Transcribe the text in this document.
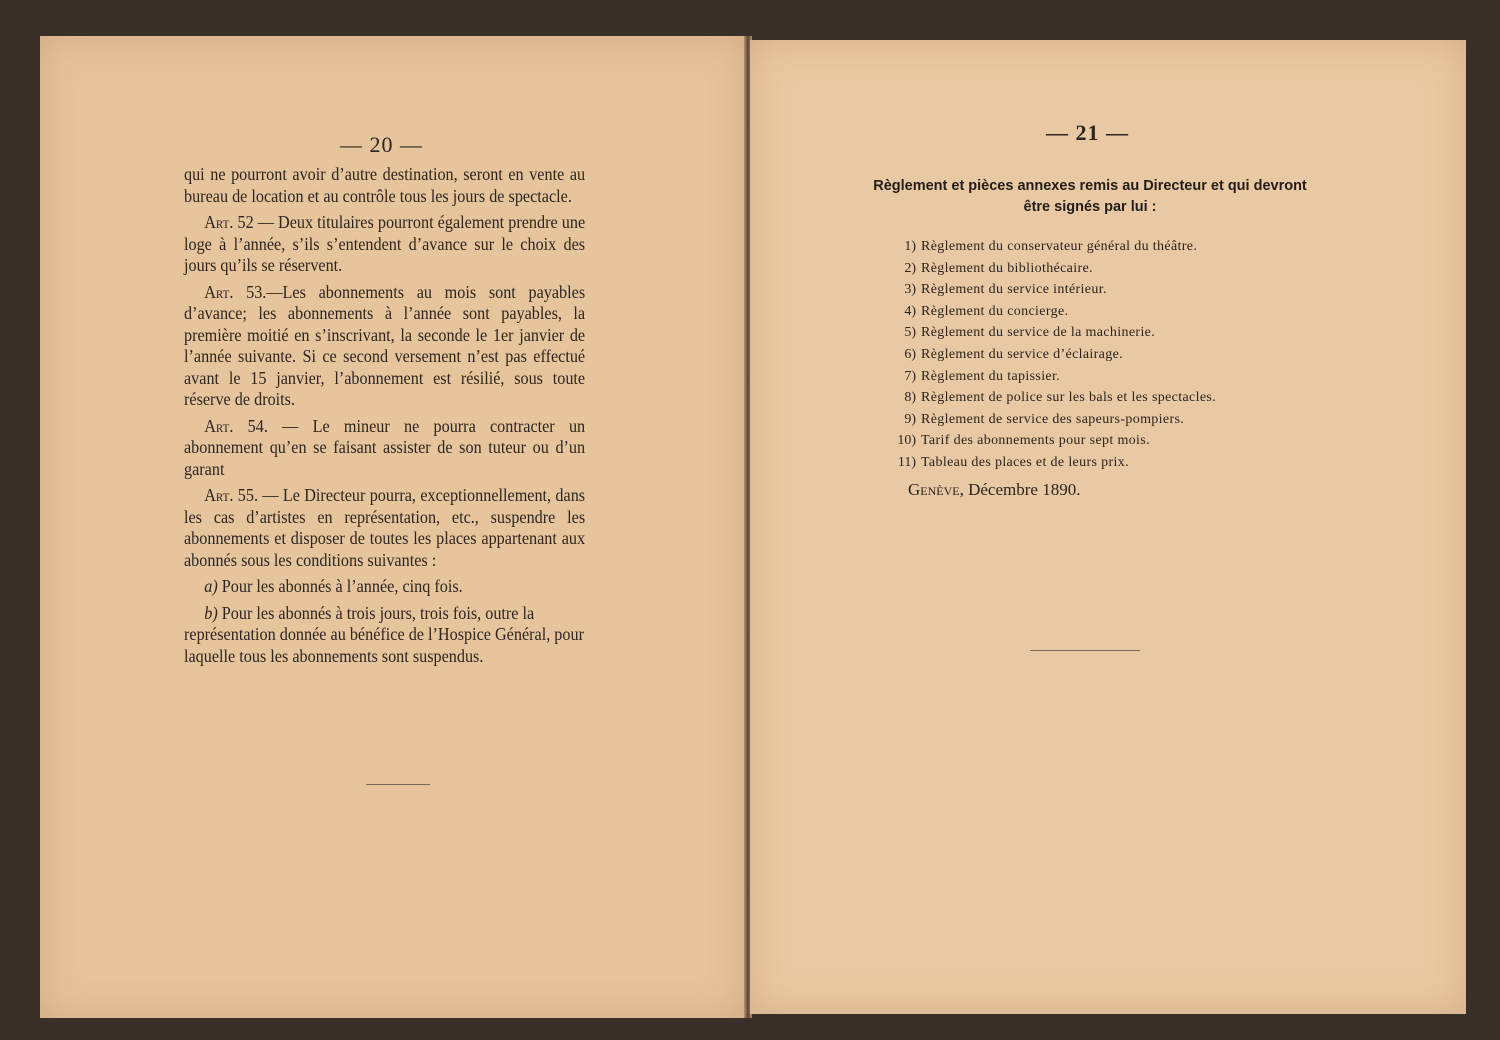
— 20 —

qui ne pourront avoir d’autre destination, seront en vente au bureau de location et au contrôle tous les jours de spectacle.

Art. 52 — Deux titulaires pourront également prendre une loge à l’année, s’ils s’entendent d’avance sur le choix des jours qu’ils se réservent.

Art. 53.—Les abonnements au mois sont payables d’avance; les abonnements à l’année sont payables, la première moitié en s’inscrivant, la seconde le 1er janvier de l’année suivante. Si ce second versement n’est pas effectué avant le 15 janvier, l’abonnement est résilié, sous toute réserve de droits.

Art. 54. — Le mineur ne pourra contracter un abonnement qu’en se faisant assister de son tuteur ou d’un garant

Art. 55. — Le Directeur pourra, exceptionnellement, dans les cas d’artistes en représentation, etc., suspendre les abonnements et disposer de toutes les places appartenant aux abonnés sous les conditions suivantes :

a) Pour les abonnés à l’année, cinq fois.

b) Pour les abonnés à trois jours, trois fois, outre la représentation donnée au bénéfice de l’Hospice Général, pour laquelle tous les abonnements sont suspendus.

— 21 —
Règlement et pièces annexes remis au Directeur et qui devront être signés par lui :
1) Règlement du conservateur général du théâtre.
2) Règlement du bibliothécaire.
3) Règlement du service intérieur.
4) Règlement du concierge.
5) Règlement du service de la machinerie.
6) Règlement du service d’éclairage.
7) Règlement du tapissier.
8) Règlement de police sur les bals et les spectacles.
9) Règlement de service des sapeurs-pompiers.
10) Tarif des abonnements pour sept mois.
11) Tableau des places et de leurs prix.
Genève, Décembre 1890.
